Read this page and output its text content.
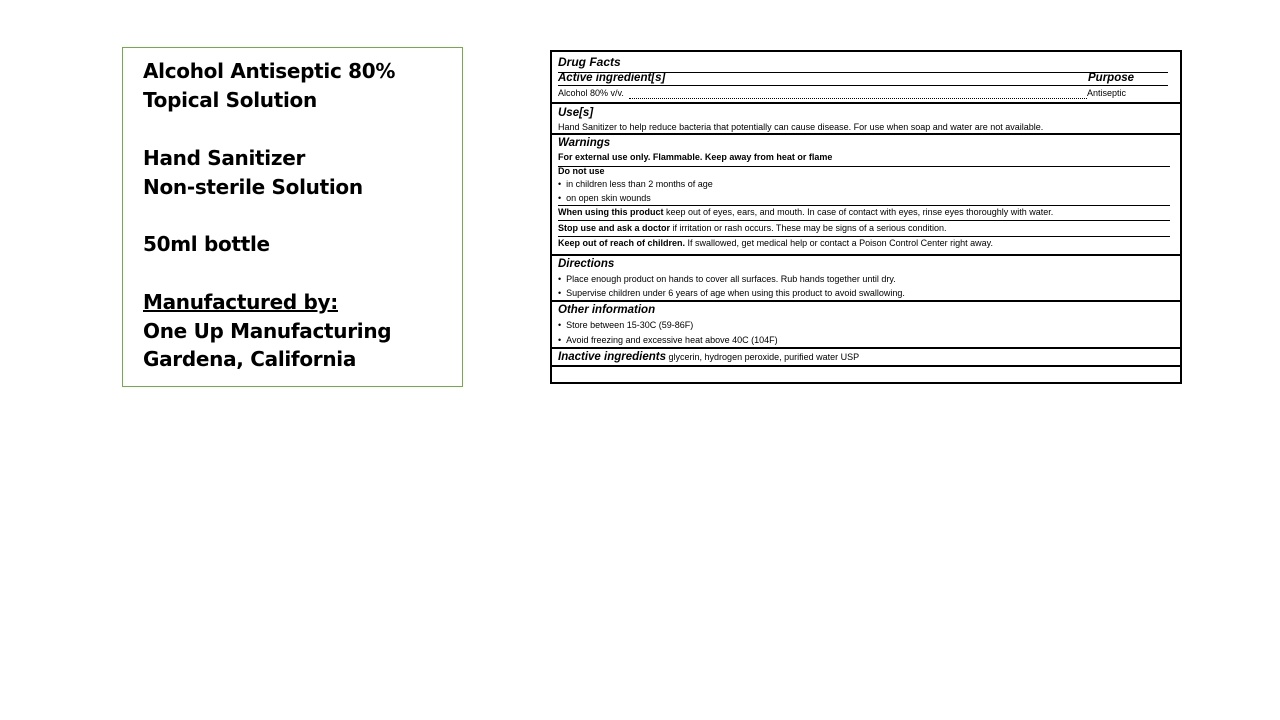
Alcohol Antiseptic 80%
Topical Solution
Hand Sanitizer
Non-sterile Solution
50ml bottle
Manufactured by:
One Up Manufacturing
Gardena, California
Drug Facts
Active ingredient[s]	Purpose
Alcohol 80% v/v.	Antiseptic
Use[s]
Hand Sanitizer to help reduce bacteria that potentially can cause disease. For use when soap and water are not available.
Warnings
For external use only. Flammable. Keep away from heat or flame
Do not use
• in children less than 2 months of age
• on open skin wounds
When using this product keep out of eyes, ears, and mouth. In case of contact with eyes, rinse eyes thoroughly with water.
Stop use and ask a doctor if irritation or rash occurs. These may be signs of a serious condition.
Keep out of reach of children. If swallowed, get medical help or contact a Poison Control Center right away.
Directions
• Place enough product on hands to cover all surfaces. Rub hands together until dry.
• Supervise children under 6 years of age when using this product to avoid swallowing.
Other information
• Store between 15-30C (59-86F)
• Avoid freezing and excessive heat above 40C (104F)
Inactive ingredients glycerin, hydrogen peroxide, purified water USP
